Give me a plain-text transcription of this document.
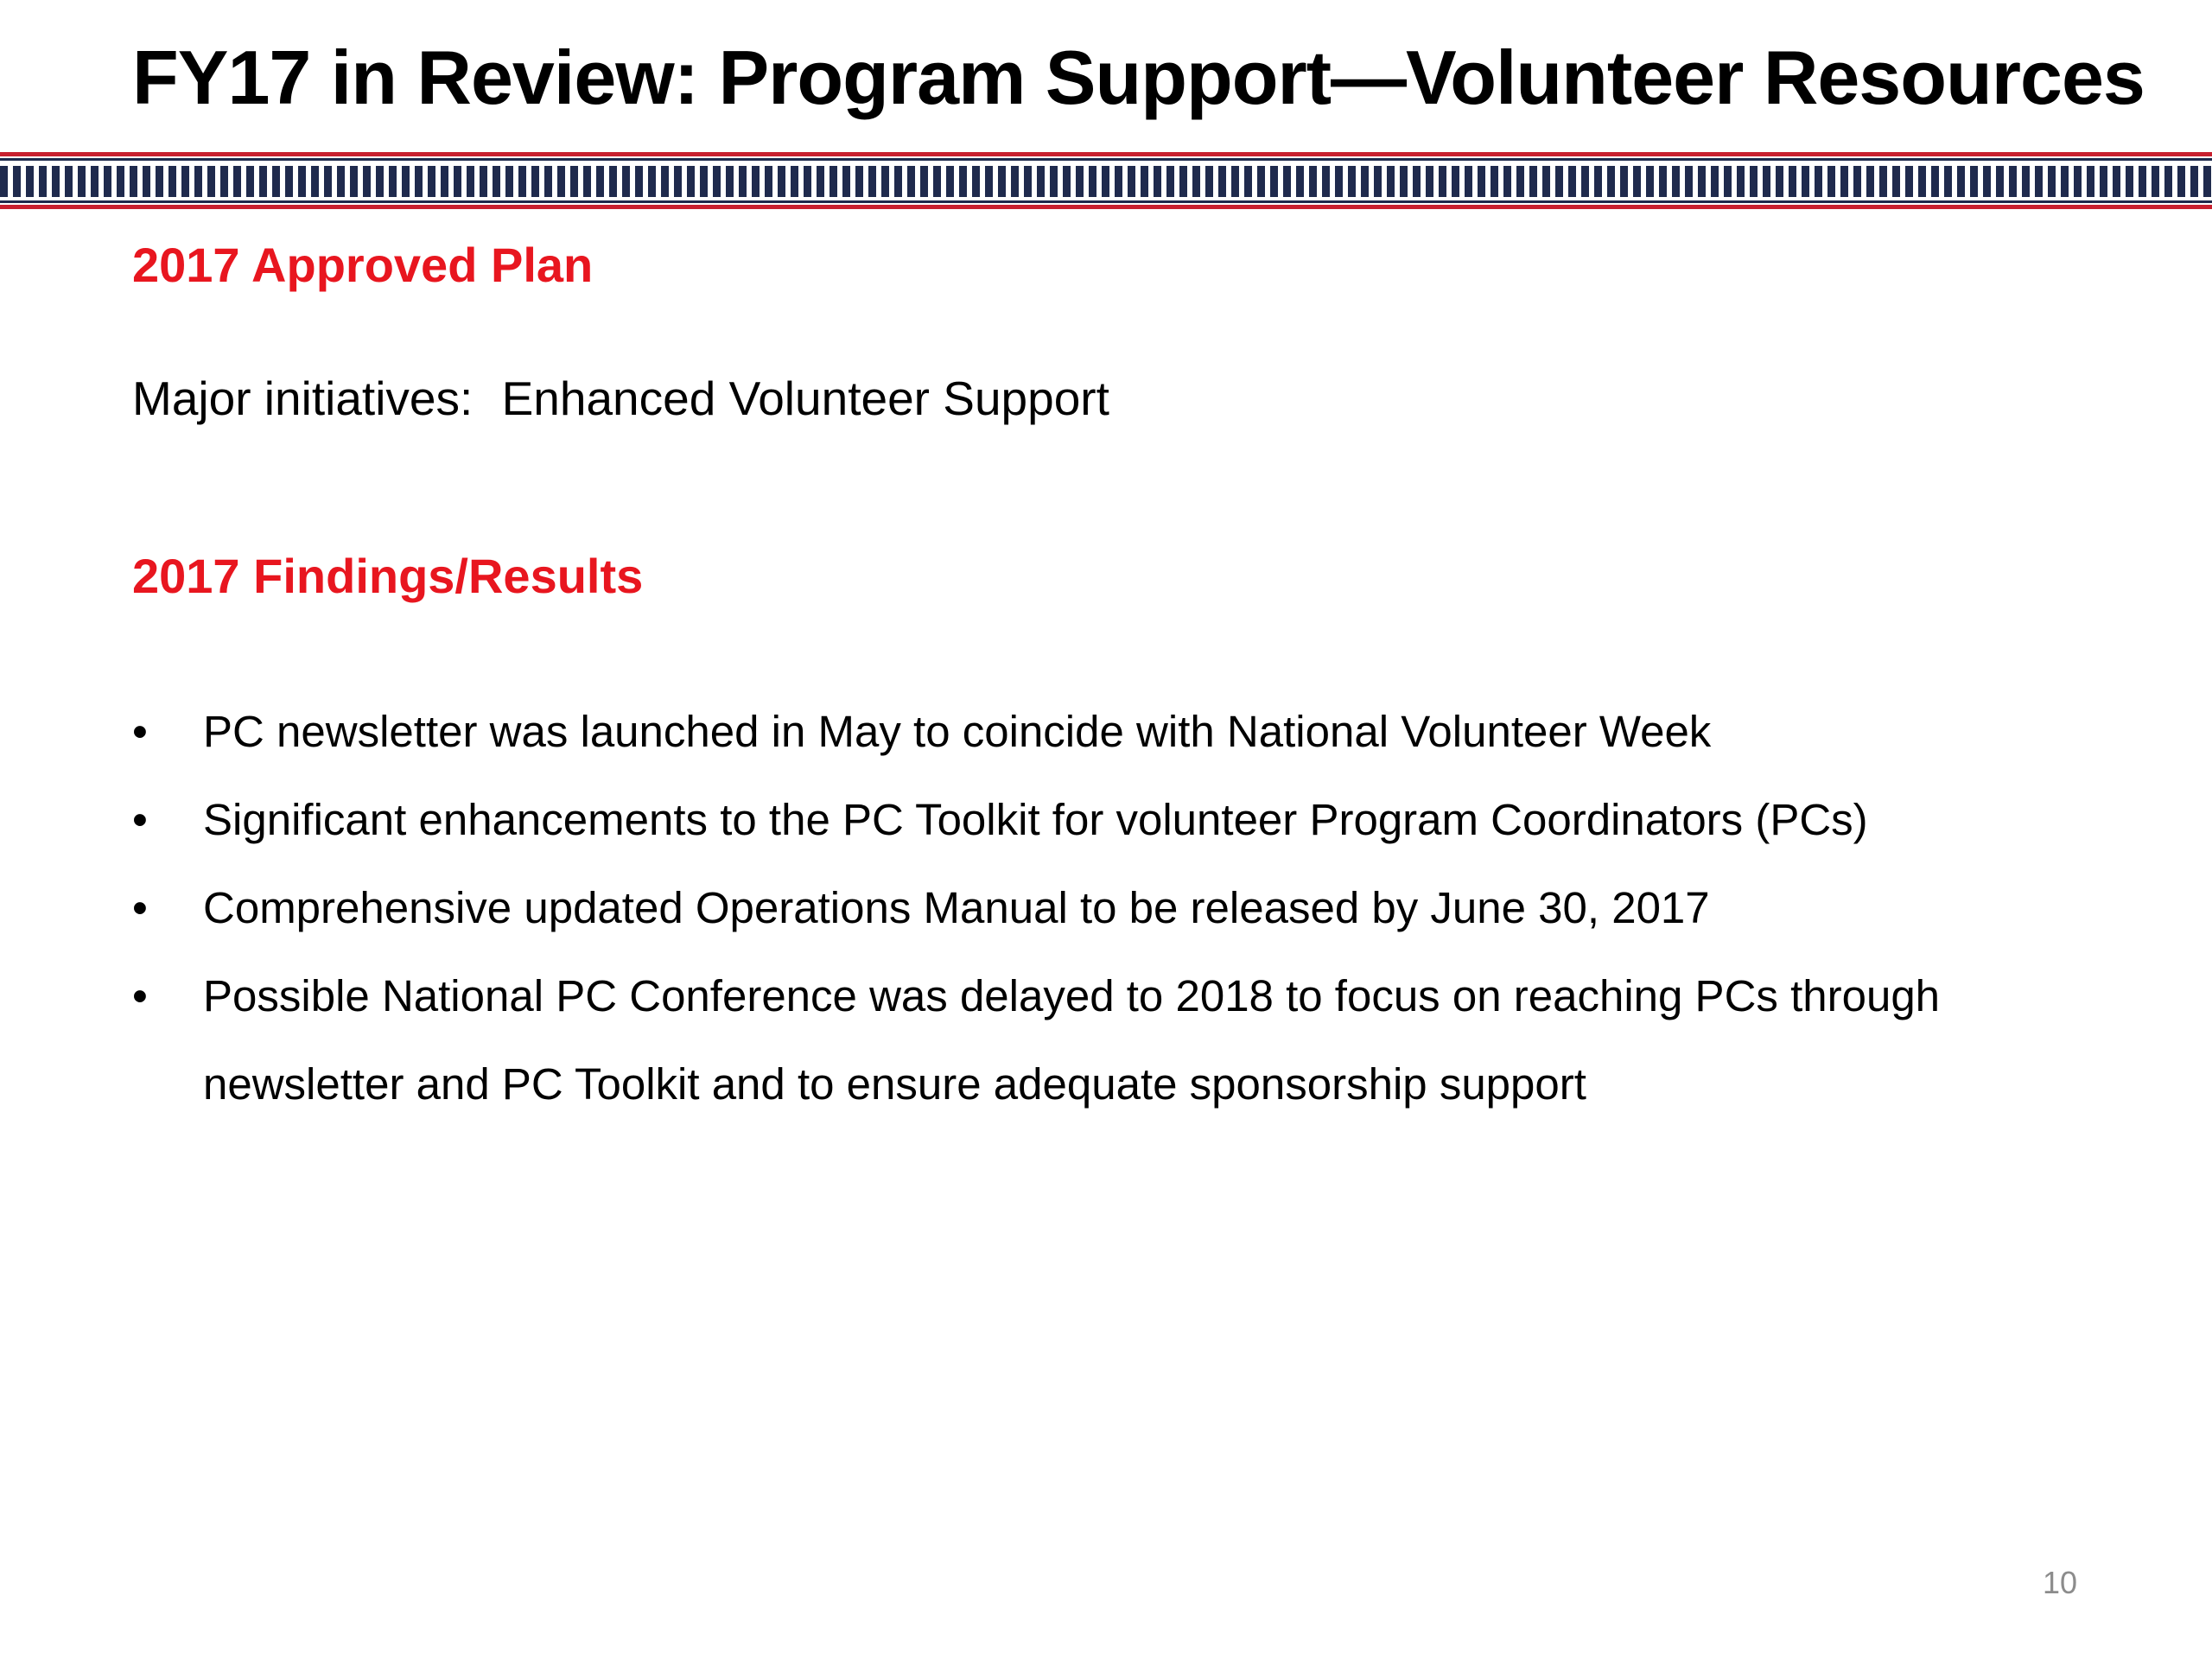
FY17 in Review: Program Support—Volunteer Resources
2017 Approved Plan
Major initiatives: Enhanced Volunteer Support
2017 Findings/Results
•	PC newsletter was launched in May to coincide with National Volunteer Week
•	Significant enhancements to the PC Toolkit for volunteer Program Coordinators (PCs)
•	Comprehensive updated Operations Manual to be released by June 30, 2017
•	Possible National PC Conference was delayed to 2018 to focus on reaching PCs through newsletter and PC Toolkit and to ensure adequate sponsorship support
10
